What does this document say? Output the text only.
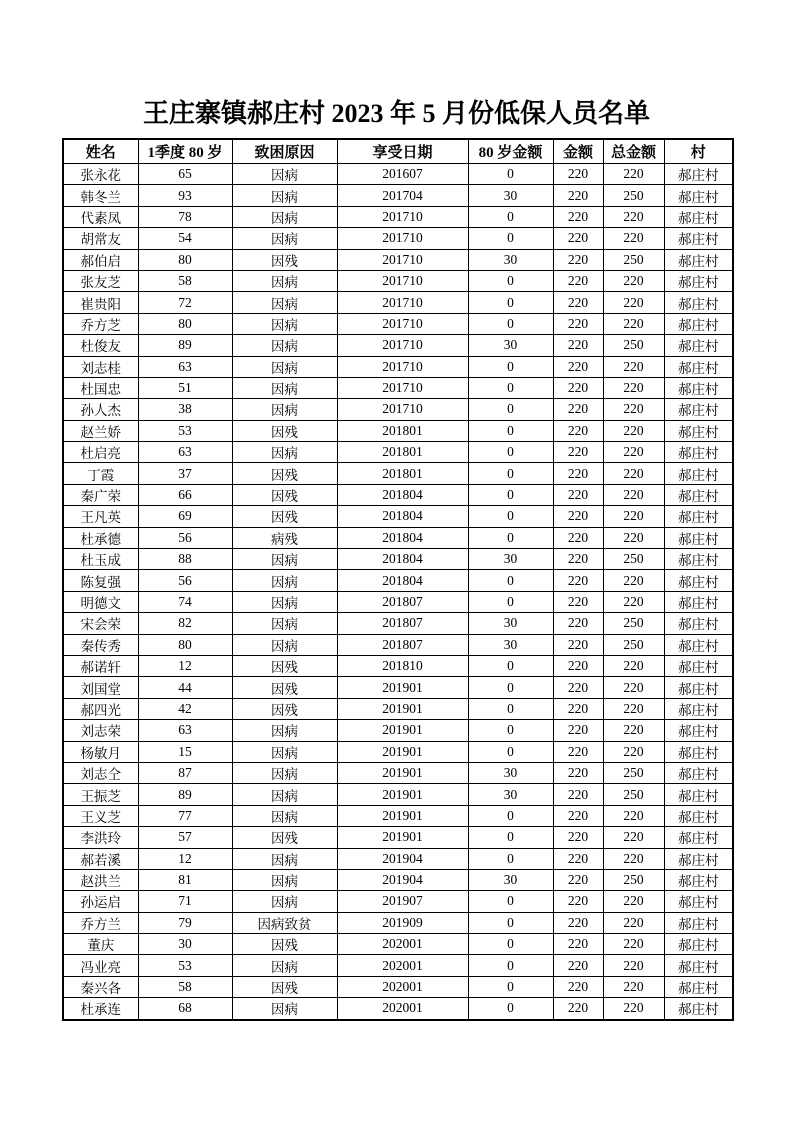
王庄寨镇郝庄村 2023 年 5 月份低保人员名单
姓名	1季度 80 岁	致困原因	享受日期	80 岁金额	金额	总金额	村
张永花	65	因病	201607	0	220	220	郝庄村
韩冬兰	93	因病	201704	30	220	250	郝庄村
代素凤	78	因病	201710	0	220	220	郝庄村
胡常友	54	因病	201710	0	220	220	郝庄村
郝伯启	80	因残	201710	30	220	250	郝庄村
张友芝	58	因病	201710	0	220	220	郝庄村
崔贵阳	72	因病	201710	0	220	220	郝庄村
乔方芝	80	因病	201710	0	220	220	郝庄村
杜俊友	89	因病	201710	30	220	250	郝庄村
刘志桂	63	因病	201710	0	220	220	郝庄村
杜国忠	51	因病	201710	0	220	220	郝庄村
孙人杰	38	因病	201710	0	220	220	郝庄村
赵兰娇	53	因残	201801	0	220	220	郝庄村
杜启亮	63	因病	201801	0	220	220	郝庄村
丁霞	37	因残	201801	0	220	220	郝庄村
秦广荣	66	因残	201804	0	220	220	郝庄村
王凡英	69	因残	201804	0	220	220	郝庄村
杜承德	56	病残	201804	0	220	220	郝庄村
杜玉成	88	因病	201804	30	220	250	郝庄村
陈复强	56	因病	201804	0	220	220	郝庄村
明德文	74	因病	201807	0	220	220	郝庄村
宋会荣	82	因病	201807	30	220	250	郝庄村
秦传秀	80	因病	201807	30	220	250	郝庄村
郝诺轩	12	因残	201810	0	220	220	郝庄村
刘国堂	44	因残	201901	0	220	220	郝庄村
郝四光	42	因残	201901	0	220	220	郝庄村
刘志荣	63	因病	201901	0	220	220	郝庄村
杨敏月	15	因病	201901	0	220	220	郝庄村
刘志仝	87	因病	201901	30	220	250	郝庄村
王振芝	89	因病	201901	30	220	250	郝庄村
王义芝	77	因病	201901	0	220	220	郝庄村
李洪玲	57	因残	201901	0	220	220	郝庄村
郝若溪	12	因病	201904	0	220	220	郝庄村
赵洪兰	81	因病	201904	30	220	250	郝庄村
孙运启	71	因病	201907	0	220	220	郝庄村
乔方兰	79	因病致贫	201909	0	220	220	郝庄村
董庆	30	因残	202001	0	220	220	郝庄村
冯业亮	53	因病	202001	0	220	220	郝庄村
秦兴各	58	因残	202001	0	220	220	郝庄村
杜承连	68	因病	202001	0	220	220	郝庄村
